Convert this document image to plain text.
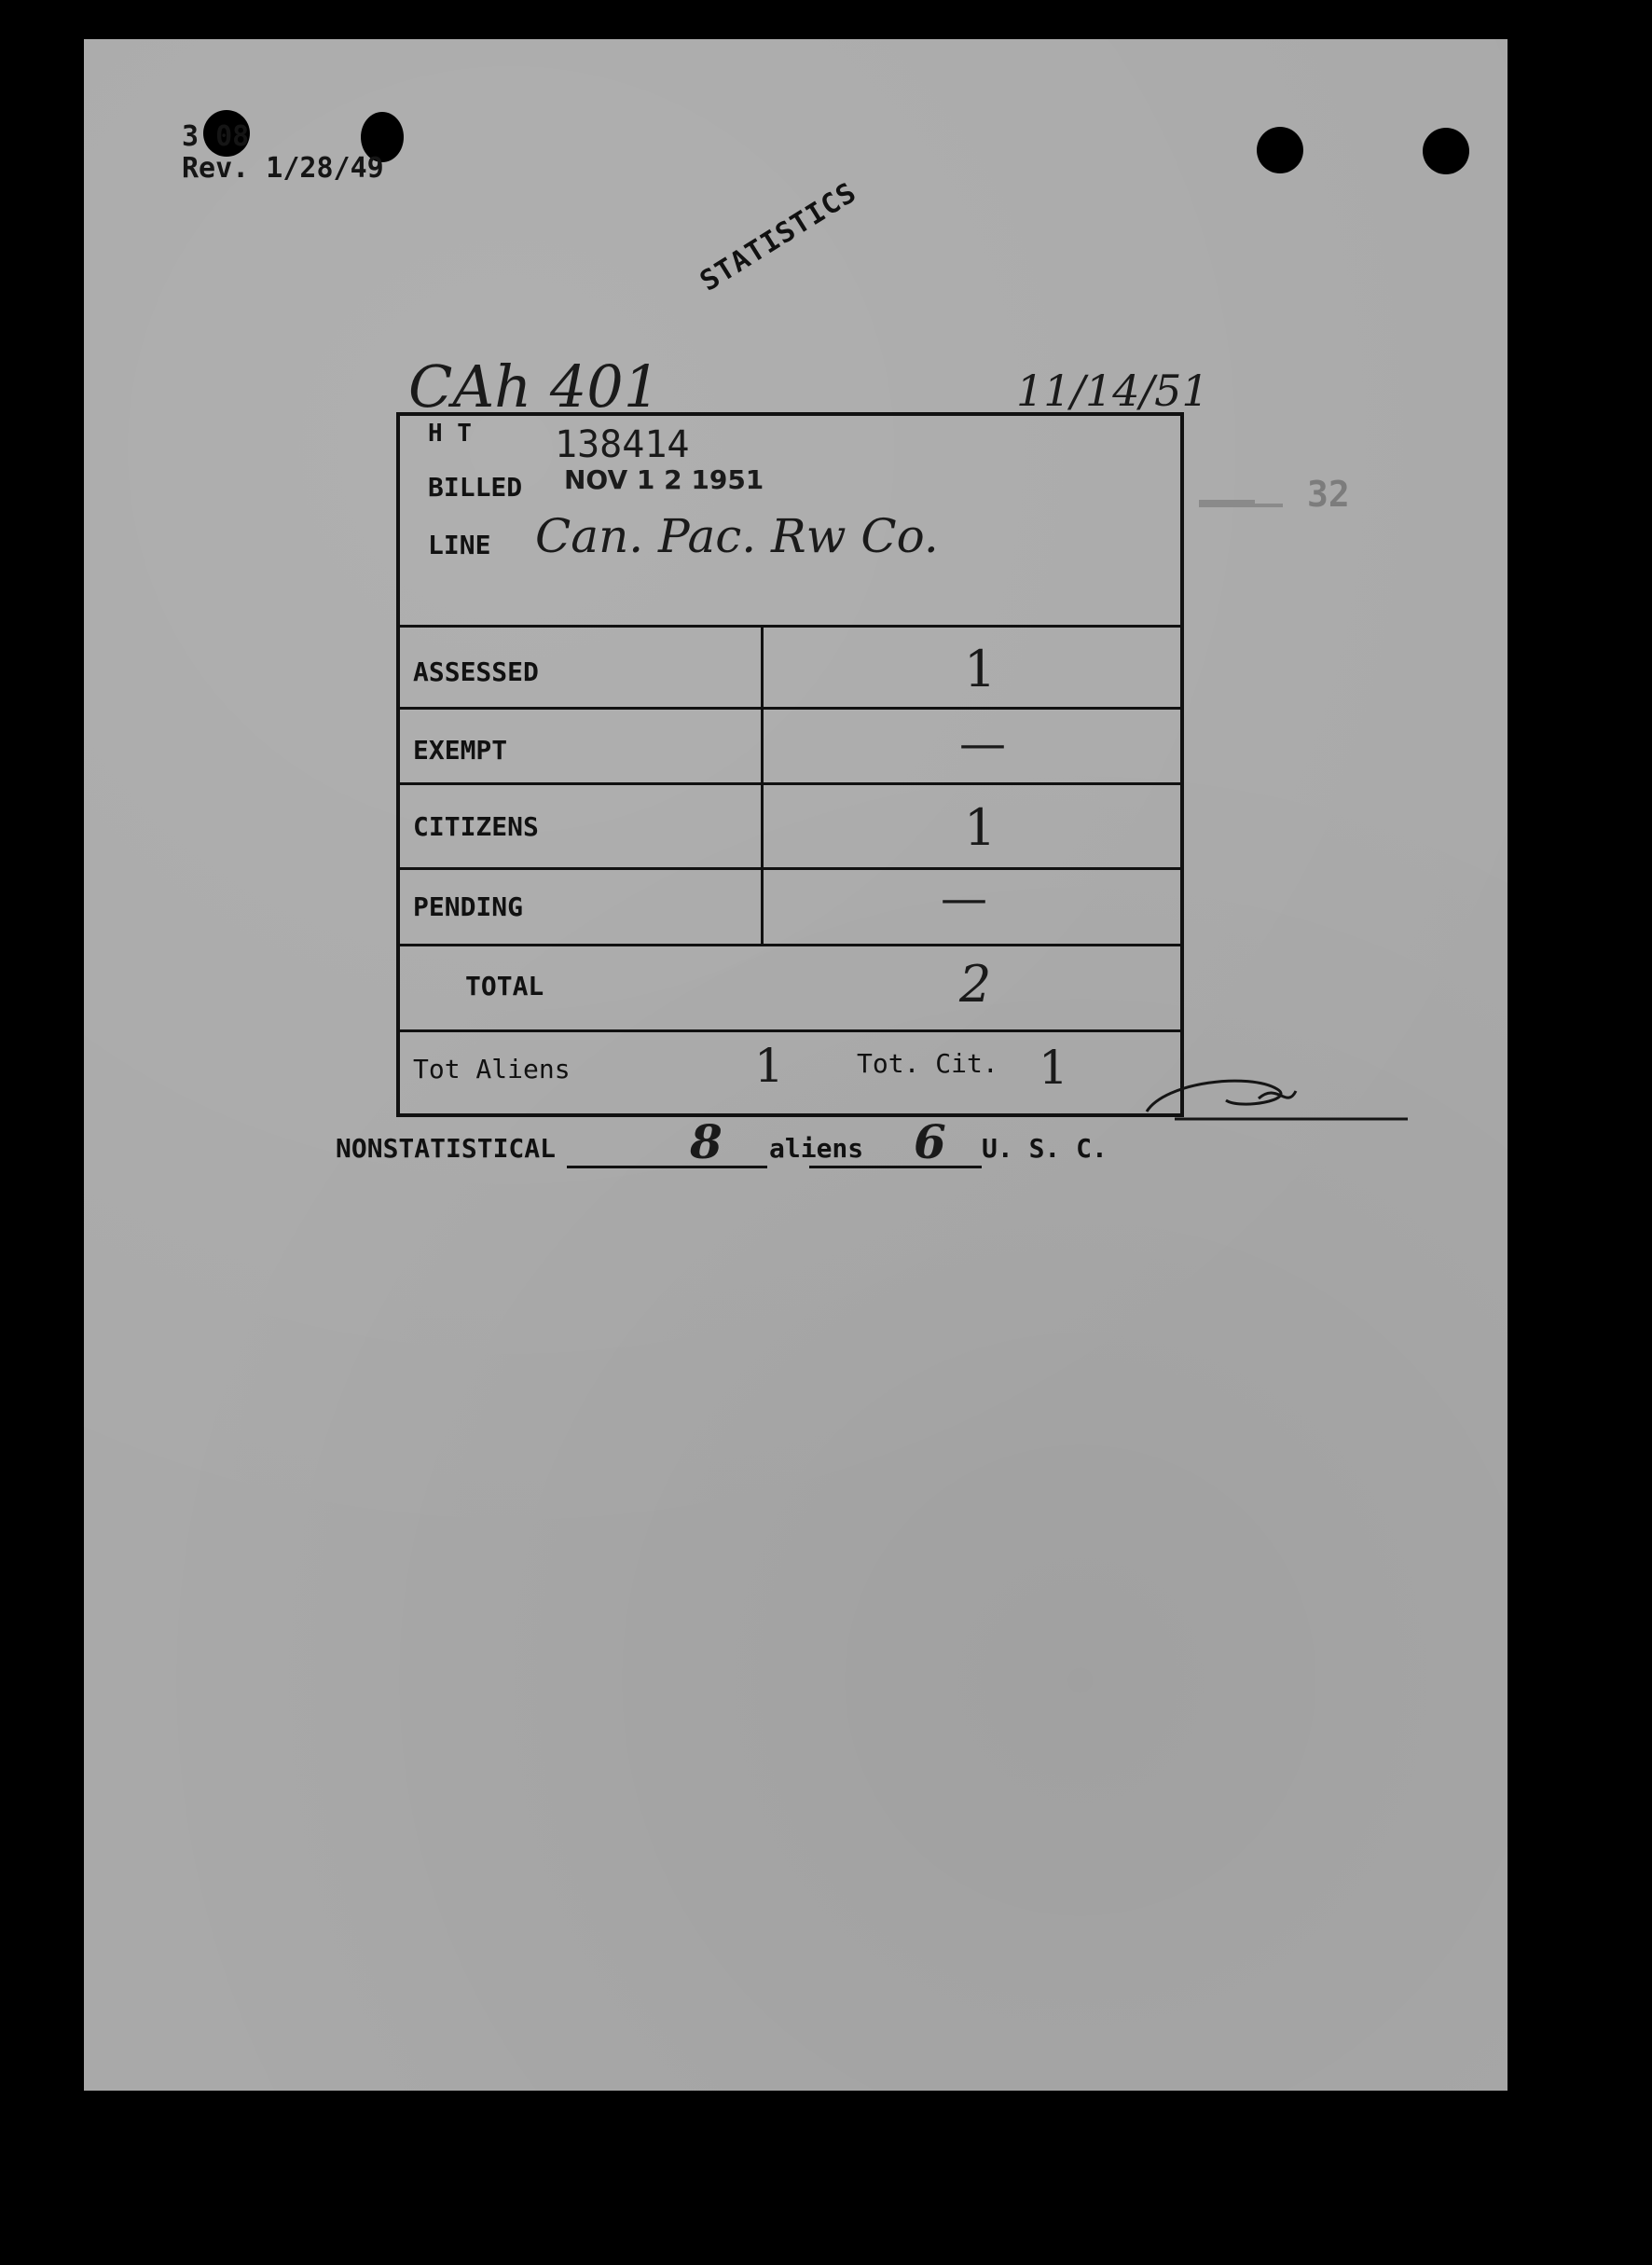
3 08
Rev. 1/28/49
STATISTICS
CAh 401	11/14/51
32
H T 138414
BILLED NOV 1 2 1951
LINE Can. Pac. Rw Co.
ASSESSED	1
EXEMPT	—
CITIZENS	1
PENDING	—
TOTAL	2
Tot Aliens	1	Tot. Cit. 1
NONSTATISTICAL	8 aliens 6 U. S. C.
